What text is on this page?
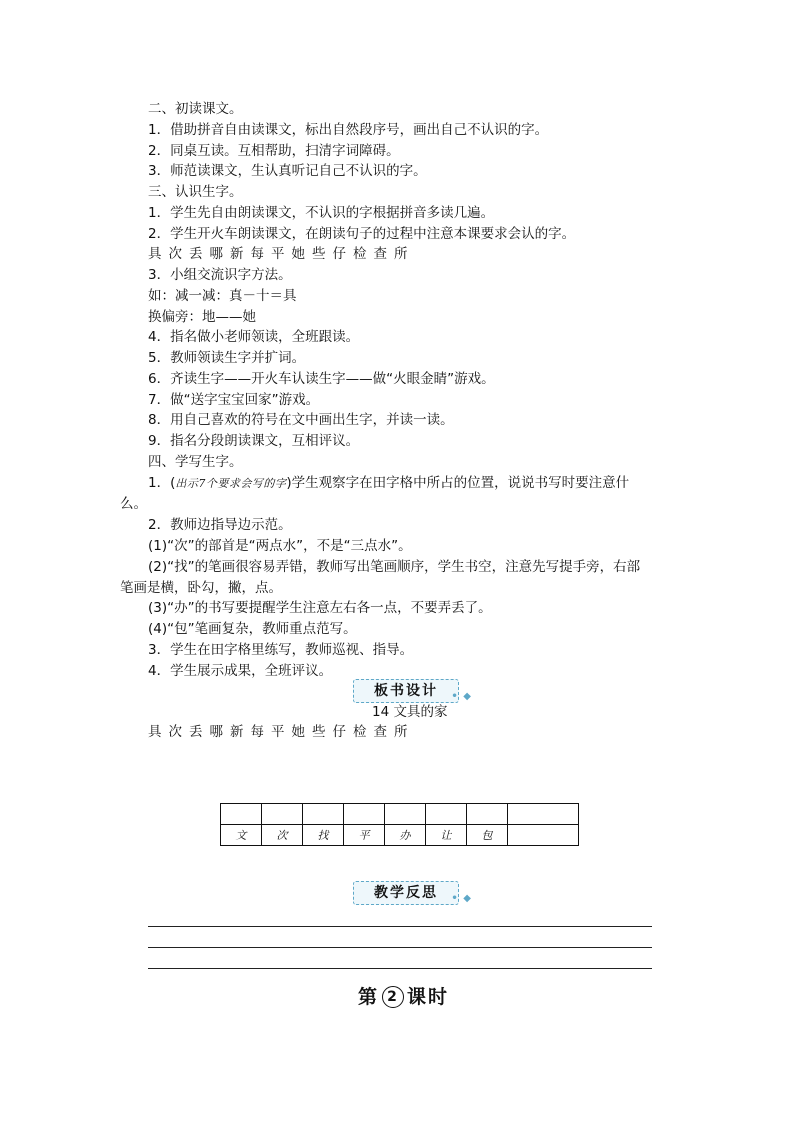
二、初读课文。
1．借助拼音自由读课文，标出自然段序号，画出自己不认识的字。
2．同桌互读。互相帮助，扫清字词障碍。
3．师范读课文，生认真听记自己不认识的字。
三、认识生字。
1．学生先自由朗读课文，不认识的字根据拼音多读几遍。
2．学生开火车朗读课文，在朗读句子的过程中注意本课要求会认的字。
具 次 丢 哪 新 每 平 她 些 仔 检 查 所
3．小组交流识字方法。
如：减一减：真－十＝具
换偏旁：地——她
4．指名做小老师领读，全班跟读。
5．教师领读生字并扩词。
6．齐读生字——开火车认读生字——做“火眼金睛”游戏。
7．做“送字宝宝回家”游戏。
8．用自己喜欢的符号在文中画出生字，并读一读。
9．指名分段朗读课文，互相评议。
四、学写生字。
1．(出示7个要求会写的字)学生观察字在田字格中所占的位置，说说书写时要注意什
么。
2．教师边指导边示范。
(1)“次”的部首是“两点水”，不是“三点水”。
(2)“找”的笔画很容易弄错，教师写出笔画顺序，学生书空，注意先写提手旁，右部
笔画是横，卧勾，撇，点。
(3)“办”的书写要提醒学生注意左右各一点，不要弄丢了。
(4)“包”笔画复杂，教师重点范写。
3．学生在田字格里练写，教师巡视、指导。
4．学生展示成果，全班评议。
板书设计 • ◆
14 文具的家
具 次 丢 哪 新 每 平 她 些 仔 检 查 所

文	次	找	平	办	让	包	
教学反思 • ◆
第 2 课时
